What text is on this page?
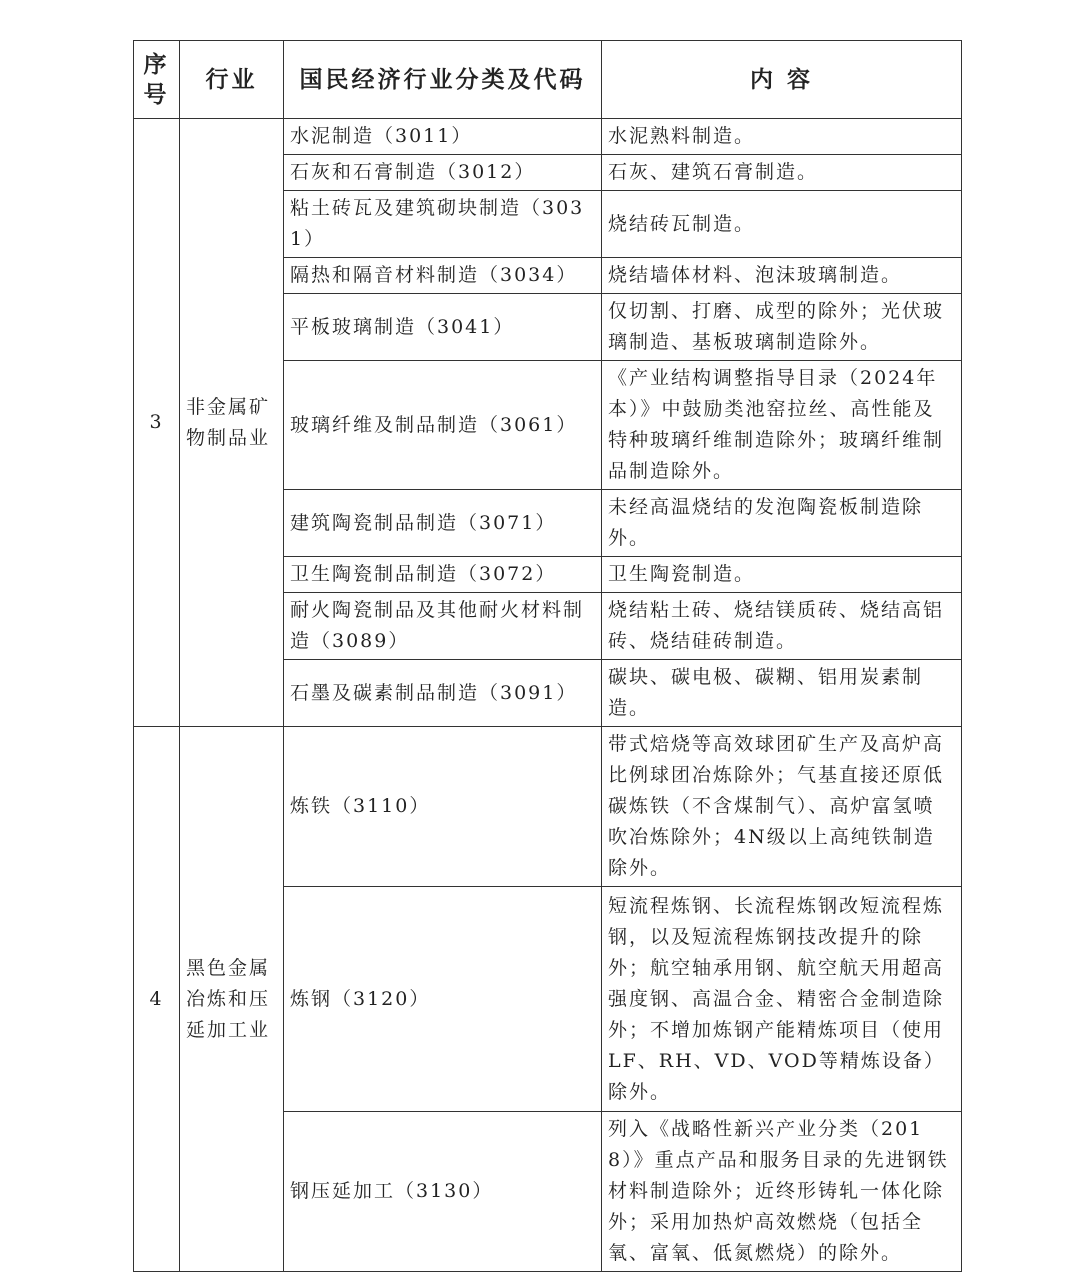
序号	行业	国民经济行业分类及代码	内 容
3	非金属矿物制品业	水泥制造（3011）	水泥熟料制造。
		石灰和石膏制造（3012）	石灰、建筑石膏制造。
		粘土砖瓦及建筑砌块制造（3031）	烧结砖瓦制造。
		隔热和隔音材料制造（3034）	烧结墙体材料、泡沫玻璃制造。
		平板玻璃制造（3041）	仅切割、打磨、成型的除外；光伏玻璃制造、基板玻璃制造除外。
		玻璃纤维及制品制造（3061）	《产业结构调整指导目录（2024年本）》中鼓励类池窑拉丝、高性能及特种玻璃纤维制造除外；玻璃纤维制品制造除外。
		建筑陶瓷制品制造（3071）	未经高温烧结的发泡陶瓷板制造除外。
		卫生陶瓷制品制造（3072）	卫生陶瓷制造。
		耐火陶瓷制品及其他耐火材料制造（3089）	烧结粘土砖、烧结镁质砖、烧结高铝砖、烧结硅砖制造。
		石墨及碳素制品制造（3091）	碳块、碳电极、碳糊、铝用炭素制造。
4	黑色金属冶炼和压延加工业	炼铁（3110）	带式焙烧等高效球团矿生产及高炉高比例球团冶炼除外；气基直接还原低碳炼铁（不含煤制气）、高炉富氢喷吹冶炼除外；4N级以上高纯铁制造除外。
		炼钢（3120）	短流程炼钢、长流程炼钢改短流程炼钢，以及短流程炼钢技改提升的除外；航空轴承用钢、航空航天用超高强度钢、高温合金、精密合金制造除外；不增加炼钢产能精炼项目（使用LF、RH、VD、VOD等精炼设备）除外。
		钢压延加工（3130）	列入《战略性新兴产业分类（2018）》重点产品和服务目录的先进钢铁材料制造除外；近终形铸轧一体化除外；采用加热炉高效燃烧（包括全氧、富氧、低氮燃烧）的除外。
